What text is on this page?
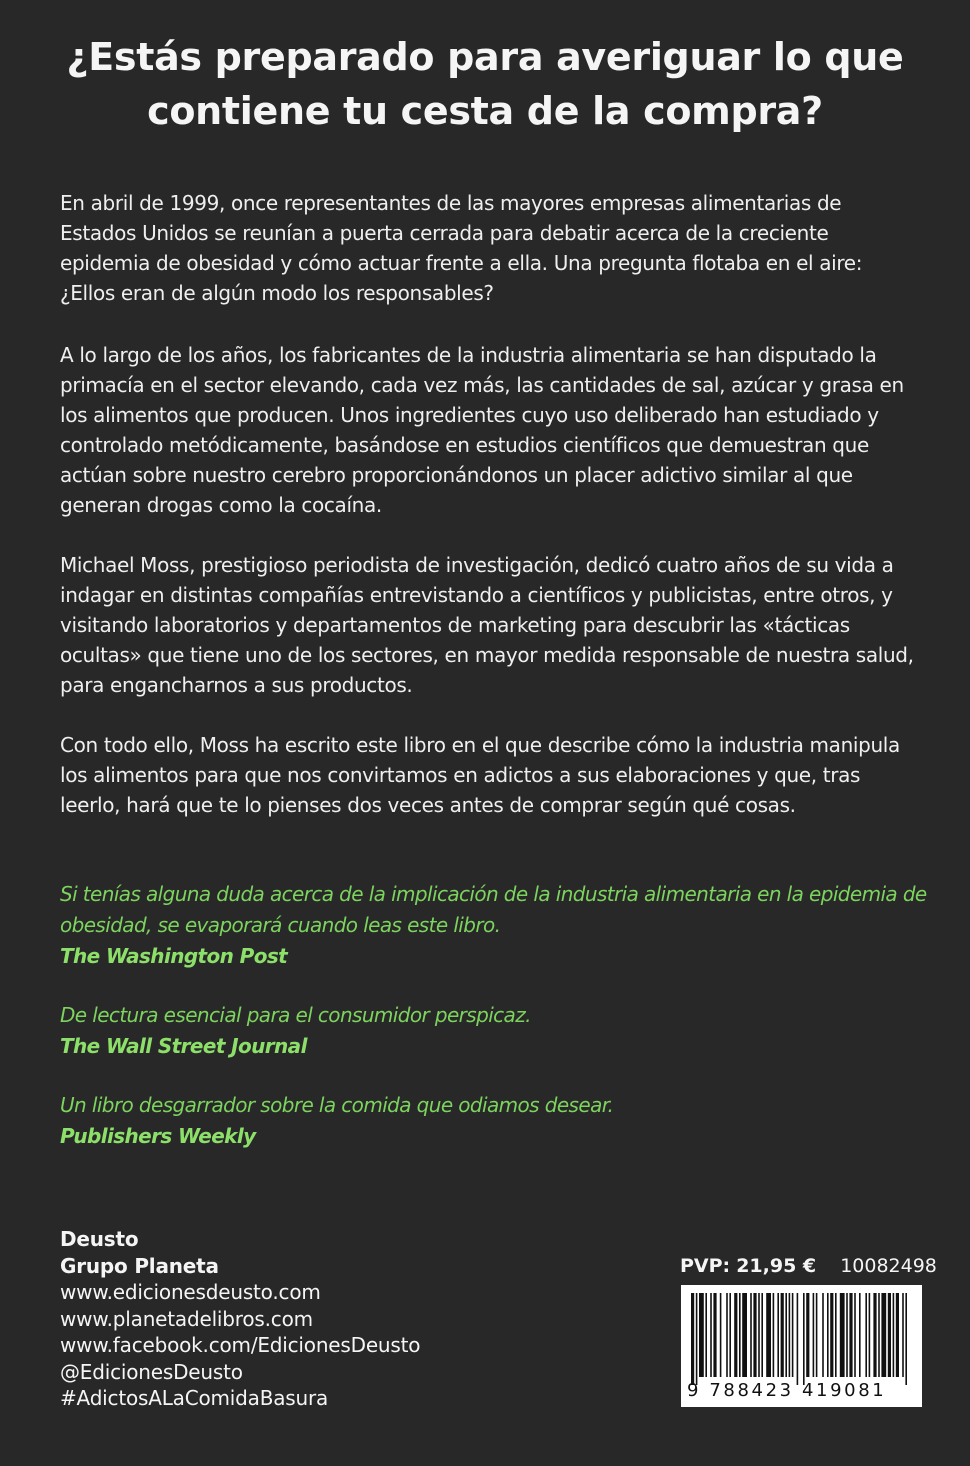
¿Estás preparado para averiguar lo que
contiene tu cesta de la compra?

En abril de 1999, once representantes de las mayores empresas alimentarias de Estados Unidos se reunían a puerta cerrada para debatir acerca de la creciente epidemia de obesidad y cómo actuar frente a ella. Una pregunta flotaba en el aire: ¿Ellos eran de algún modo los responsables?

A lo largo de los años, los fabricantes de la industria alimentaria se han disputado la primacía en el sector elevando, cada vez más, las cantidades de sal, azúcar y grasa en los alimentos que producen. Unos ingredientes cuyo uso deliberado han estudiado y controlado metódicamente, basándose en estudios científicos que demuestran que actúan sobre nuestro cerebro proporcionándonos un placer adictivo similar al que generan drogas como la cocaína.

Michael Moss, prestigioso periodista de investigación, dedicó cuatro años de su vida a indagar en distintas compañías entrevistando a científicos y publicistas, entre otros, y visitando laboratorios y departamentos de marketing para descubrir las «tácticas ocultas» que tiene uno de los sectores, en mayor medida responsable de nuestra salud, para engancharnos a sus productos.

Con todo ello, Moss ha escrito este libro en el que describe cómo la industria manipula los alimentos para que nos convirtamos en adictos a sus elaboraciones y que, tras leerlo, hará que te lo pienses dos veces antes de comprar según qué cosas.

Si tenías alguna duda acerca de la implicación de la industria alimentaria en la epidemia de obesidad, se evaporará cuando leas este libro.
The Washington Post

De lectura esencial para el consumidor perspicaz.
The Wall Street Journal

Un libro desgarrador sobre la comida que odiamos desear.
Publishers Weekly

Deusto
Grupo Planeta
www.edicionesdeusto.com
www.planetadelibros.com
www.facebook.com/EdicionesDeusto
@EdicionesDeusto
#AdictosALaComidaBasura
PVP: 21,95 € 10082498
9 788423 419081
